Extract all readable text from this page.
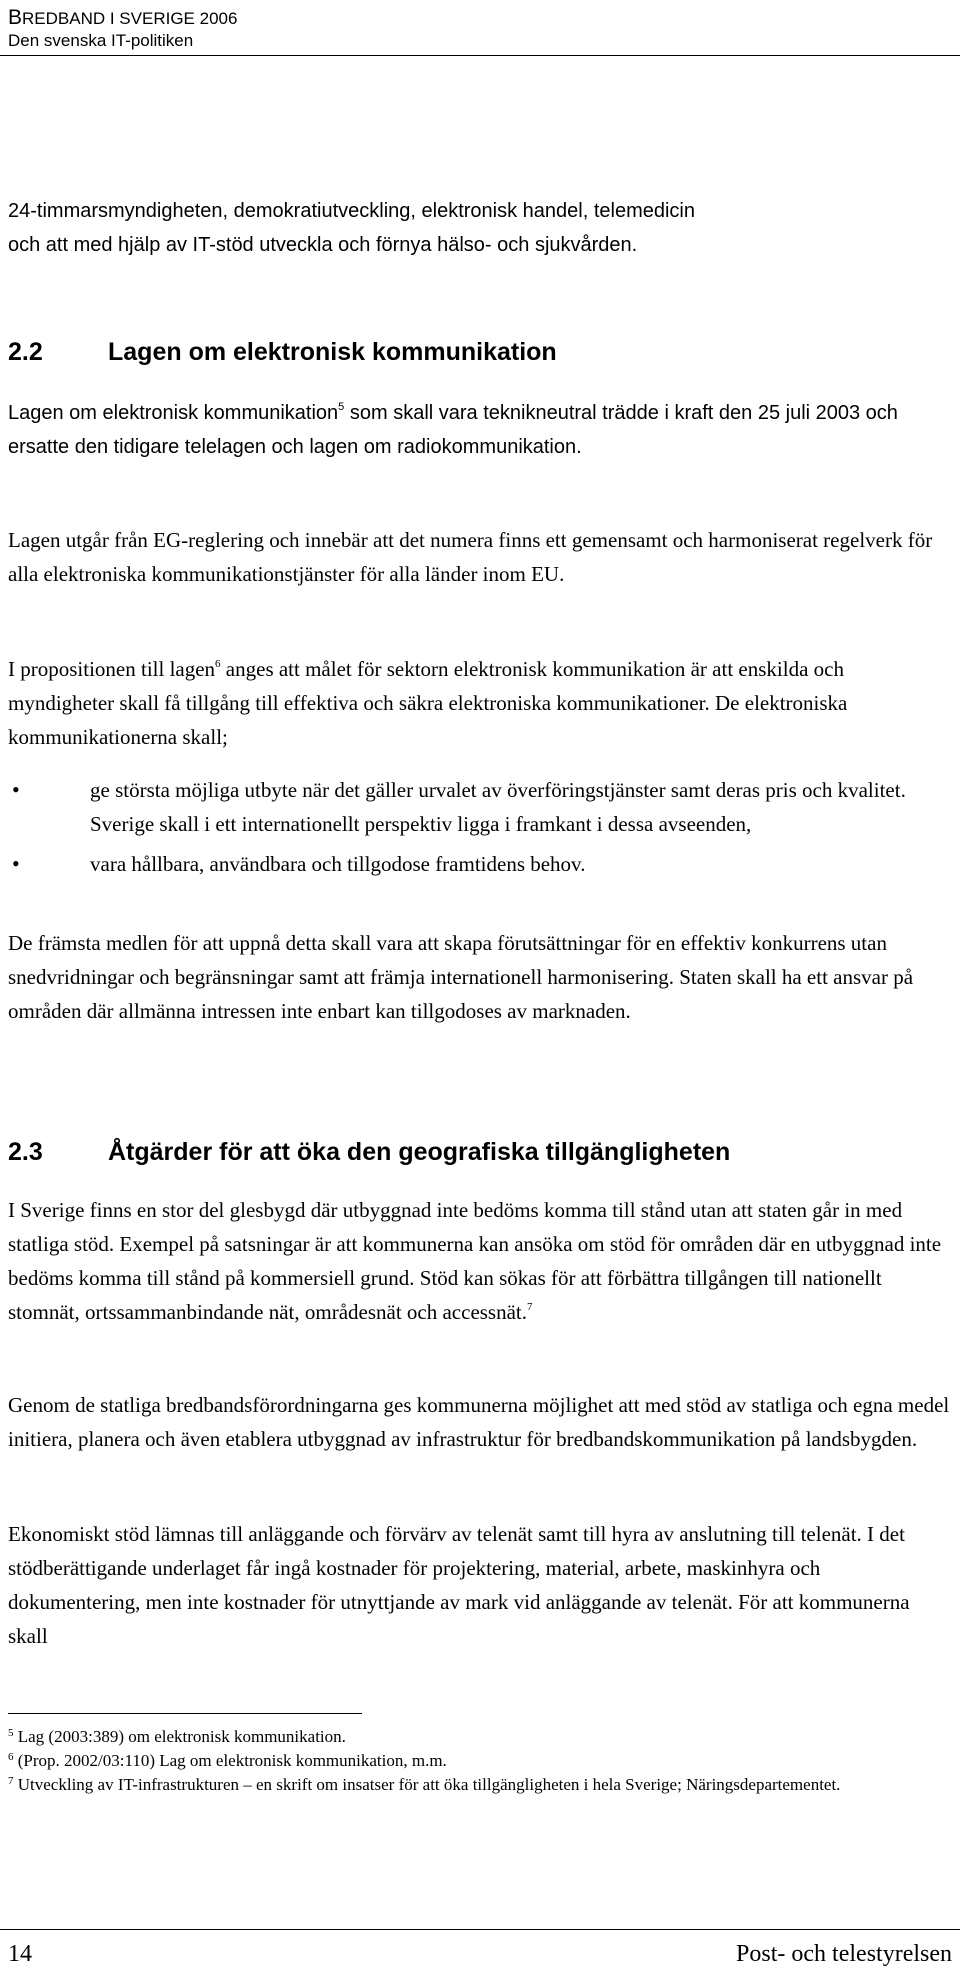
BREDBAND I SVERIGE 2006
Den svenska IT-politiken

24-timmarsmyndigheten, demokratiutveckling, elektronisk handel, telemedicin

och att med hjälp av IT-stöd utveckla och förnya hälso- och sjukvården.

2.2	Lagen om elektronisk kommunikation

Lagen om elektronisk kommunikation$^5$ som skall vara teknikneutral trädde i kraft den 25 juli 2003 och ersatte den tidigare telelagen och lagen om radiokommunikation.

Lagen utgår från EG-reglering och innebär att det numera finns ett gemensamt och harmoniserat regelverk för alla elektroniska kommunikationstjänster för alla länder inom EU.

I propositionen till lagen$^6$ anges att målet för sektorn elektronisk kommunikation är att enskilda och myndigheter skall få tillgång till effektiva och säkra elektroniska kommunikationer. De elektroniska kommunikationerna skall;

• ge största möjliga utbyte när det gäller urvalet av överföringstjänster samt deras pris och kvalitet. Sverige skall i ett internationellt perspektiv ligga i framkant i dessa avseenden,
• vara hållbara, användbara och tillgodose framtidens behov.

De främsta medlen för att uppnå detta skall vara att skapa förutsättningar för en effektiv konkurrens utan snedvridningar och begränsningar samt att främja internationell harmonisering. Staten skall ha ett ansvar på områden där allmänna intressen inte enbart kan tillgodoses av marknaden.

2.3	Åtgärder för att öka den geografiska tillgängligheten

I Sverige finns en stor del glesbygd där utbyggnad inte bedöms komma till stånd utan att staten går in med statliga stöd. Exempel på satsningar är att kommunerna kan ansöka om stöd för områden där en utbyggnad inte bedöms komma till stånd på kommersiell grund. Stöd kan sökas för att förbättra tillgången till nationellt stomnät, ortssammanbindande nät, områdesnät och accessnät.$^7$

Genom de statliga bredbandsförordningarna ges kommunerna möjlighet att med stöd av statliga och egna medel initiera, planera och även etablera utbyggnad av infrastruktur för bredbandskommunikation på landsbygden.

Ekonomiskt stöd lämnas till anläggande och förvärv av telenät samt till hyra av anslutning till telenät. I det stödberättigande underlaget får ingå kostnader för projektering, material, arbete, maskinhyra och dokumentering, men inte kostnader för utnyttjande av mark vid anläggande av telenät. För att kommunerna skall

$^5$ Lag (2003:389) om elektronisk kommunikation.
$^6$ (Prop. 2002/03:110) Lag om elektronisk kommunikation, m.m.
$^7$ Utveckling av IT-infrastrukturen – en skrift om insatser för att öka tillgängligheten i hela Sverige; Näringsdepartementet.
14	Post- och telestyrelsen
